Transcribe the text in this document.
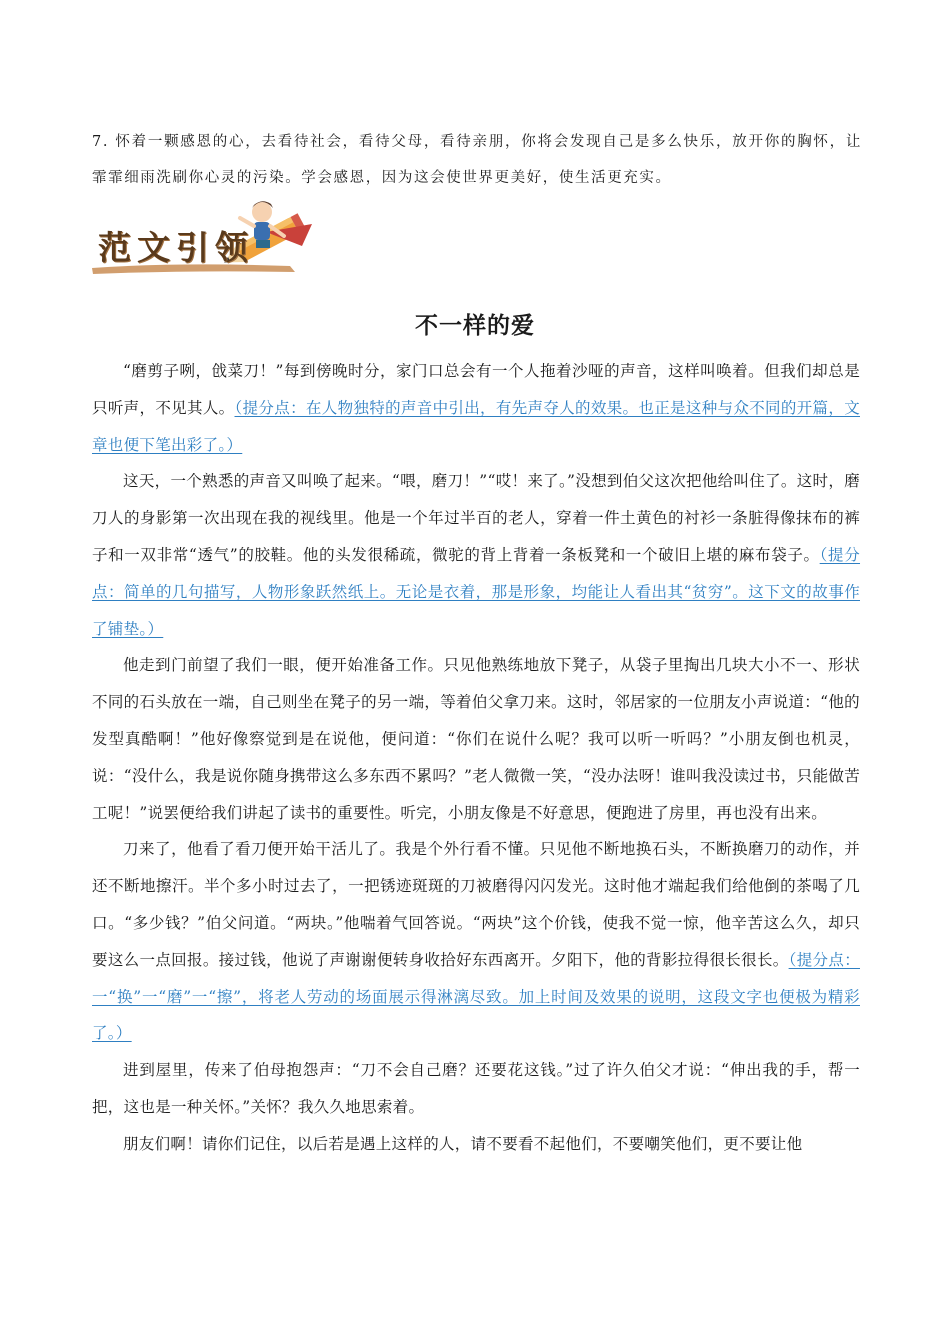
7. 怀着一颗感恩的心，去看待社会，看待父母，看待亲朋，你将会发现自己是多么快乐，放开你的胸怀，让霏霏细雨洗刷你心灵的污染。学会感恩，因为这会使世界更美好，使生活更充实。
范文引领
不一样的爱

“磨剪子咧，戗菜刀！”每到傍晚时分，家门口总会有一个人拖着沙哑的声音，这样叫唤着。但我们却总是只听声，不见其人。（提分点：在人物独特的声音中引出，有先声夺人的效果。也正是这种与众不同的开篇，文章也便下笔出彩了。）

这天，一个熟悉的声音又叫唤了起来。“喂，磨刀！”“哎！来了。”没想到伯父这次把他给叫住了。这时，磨刀人的身影第一次出现在我的视线里。他是一个年过半百的老人，穿着一件土黄色的衬衫一条脏得像抹布的裤子和一双非常“透气”的胶鞋。他的头发很稀疏，微驼的背上背着一条板凳和一个破旧上堪的麻布袋子。（提分点：简单的几句描写，人物形象跃然纸上。无论是衣着，那是形象，均能让人看出其“贫穷”。这下文的故事作了铺垫。）

他走到门前望了我们一眼，便开始准备工作。只见他熟练地放下凳子，从袋子里掏出几块大小不一、形状不同的石头放在一端，自己则坐在凳子的另一端，等着伯父拿刀来。这时，邻居家的一位朋友小声说道：“他的发型真酷啊！”他好像察觉到是在说他，便问道：“你们在说什么呢？我可以听一听吗？”小朋友倒也机灵，说：“没什么，我是说你随身携带这么多东西不累吗？”老人微微一笑，“没办法呀！谁叫我没读过书，只能做苦工呢！”说罢便给我们讲起了读书的重要性。听完，小朋友像是不好意思，便跑进了房里，再也没有出来。

刀来了，他看了看刀便开始干活儿了。我是个外行看不懂。只见他不断地换石头，不断换磨刀的动作，并还不断地擦汗。半个多小时过去了，一把锈迹斑斑的刀被磨得闪闪发光。这时他才端起我们给他倒的茶喝了几口。“多少钱？”伯父问道。“两块。”他喘着气回答说。“两块”这个价钱，使我不觉一惊，他辛苦这么久，却只要这么一点回报。接过钱，他说了声谢谢便转身收拾好东西离开。夕阳下，他的背影拉得很长很长。（提分点：一“换”一“磨”一“擦”，将老人劳动的场面展示得淋漓尽致。加上时间及效果的说明，这段文字也便极为精彩了。）

进到屋里，传来了伯母抱怨声：“刀不会自己磨？还要花这钱。”过了许久伯父才说：“伸出我的手，帮一把，这也是一种关怀。”关怀？我久久地思索着。

朋友们啊！请你们记住，以后若是遇上这样的人，请不要看不起他们，不要嘲笑他们，更不要让他
